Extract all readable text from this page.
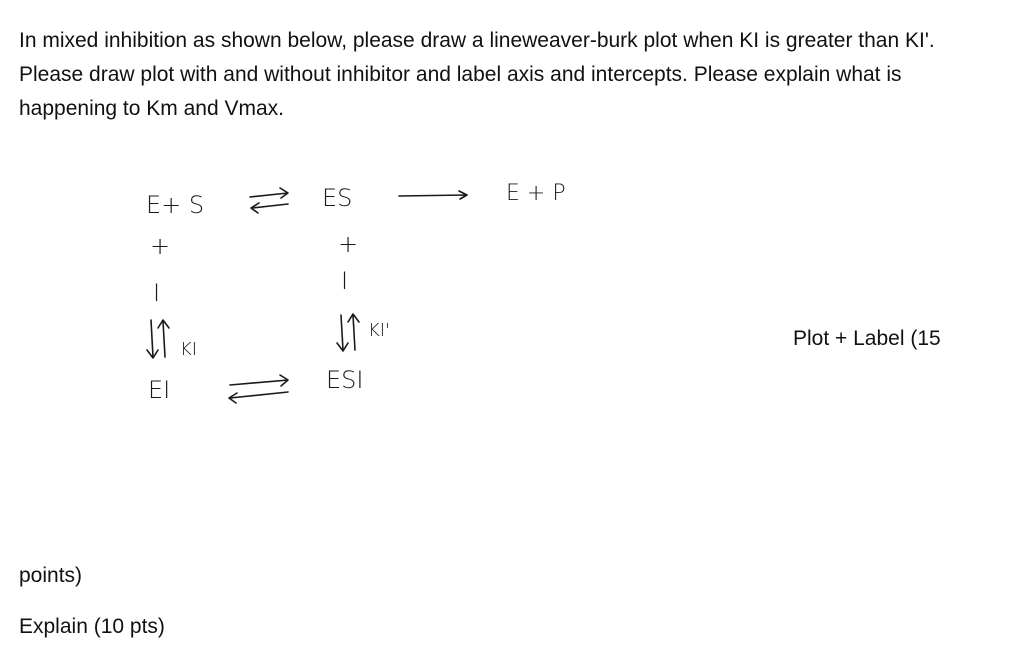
In mixed inhibition as shown below, please draw a lineweaver-burk plot when KI is greater than KI'.

Please draw plot with and without inhibitor and label axis and intercepts. Please explain what is

happening to Km and Vmax.

E+ S	ES	E + P
+	+
I	I
KI
KI'
EI	ESI
Plot + Label (15
points)
Explain (10 pts)
